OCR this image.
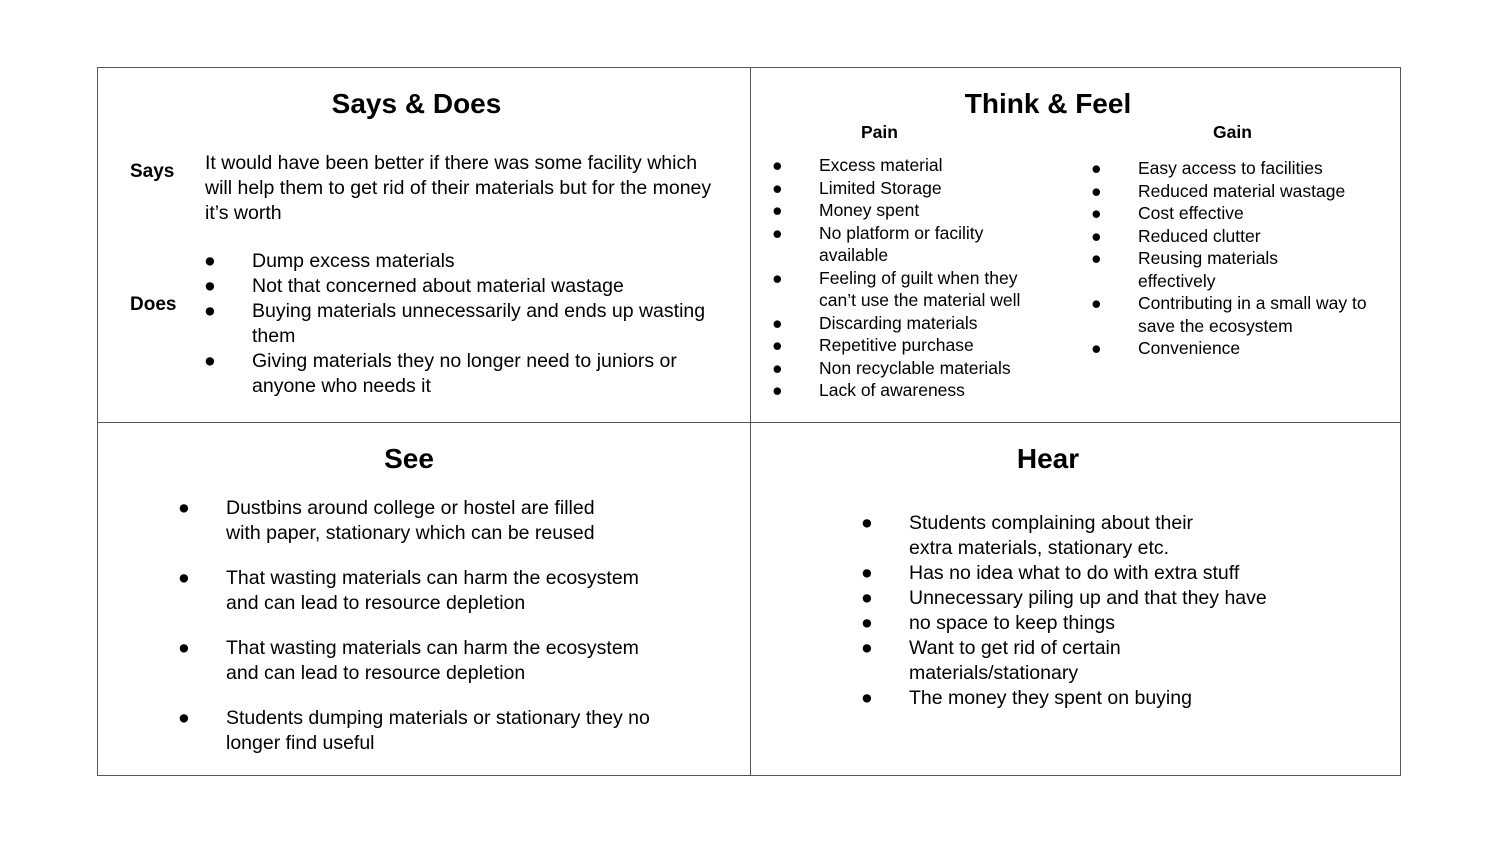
Says & Does
Says It would have been better if there was some facility which will help them to get rid of their materials but for the money it’s worth
Does
● Dump excess materials
● Not that concerned about material wastage
● Buying materials unnecessarily and ends up wasting them
● Giving materials they no longer need to juniors or anyone who needs it
Think & Feel
Pain	Gain
● Excess material
● Limited Storage
● Money spent
● No platform or facility available
● Feeling of guilt when they can’t use the material well
● Discarding materials
● Repetitive purchase
● Non recyclable materials
● Lack of awareness
● Easy access to facilities
● Reduced material wastage
● Cost effective
● Reduced clutter
● Reusing materials effectively
● Contributing in a small way to save the ecosystem
● Convenience
See
● Dustbins around college or hostel are filled with paper, stationary which can be reused
● That wasting materials can harm the ecosystem and can lead to resource depletion
● That wasting materials can harm the ecosystem and can lead to resource depletion
● Students dumping materials or stationary they no longer find useful
Hear
● Students complaining about their extra materials, stationary etc.
● Has no idea what to do with extra stuff
● Unnecessary piling up and that they have
● no space to keep things
● Want to get rid of certain materials/stationary
● The money they spent on buying
